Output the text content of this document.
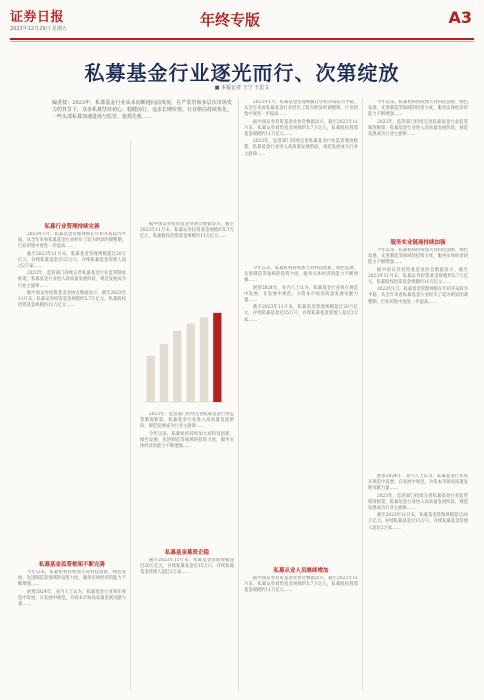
证券日报
2023年12月29日 星期五	年终专版	A3
私募基金行业逐光而行、次第绽放
■ 本报记者 王宁 王思文
编者按：2023年，私募基金行业从未间断地向前发展。在严监管和多层次市场发力的背景下，众多私募坚持初心、稳健前行、追求长期价值，行业格局持续优化。一些头部私募加速进场与监管、抢抓先机……
私募行业管理持续完善

2023年1月，私募基金管理规模在年初开局较为平稳，从全年来看私募基金行业经历了较为明显的调整期，行业的集中度进一步提高……

截至2023年11月末，私募基金管理规模超过20万亿元，存续私募基金近15万只，存续私募基金管理人超过2万家……

2023年，监管部门持续完善私募基金行业监管制度框架，私募基金行业进入高质量发展阶段，规范发展成为行业主旋律……

据中国证券投资基金业协会数据显示，截至2023年11月末，私募证券投资基金规模约5.7万亿元，私募股权投资基金规模约11万亿元……

私募基金监管框架不断完善

今年以来，私募机构持续加大对科技创新、绿色发展、先进制造等领域的投资力度，服务实体经济的能力不断增强……

展望2024年，业内人士认为，私募基金行业将在规范中发展，在发展中规范，为资本市场高质量发展贡献力量……

据中国证券投资基金业协会数据显示，截至2023年11月末，私募证券投资基金规模约5.7万亿元，私募股权投资基金规模约11万亿元……

2023年，监管部门持续完善私募基金行业监管制度框架，私募基金行业进入高质量发展阶段，规范发展成为行业主旋律……

今年以来，私募机构持续加大对科技创新、绿色发展、先进制造等领域的投资力度，服务实体经济的能力不断增强……

私募基金募资企稳

截至2023年11月末，私募基金管理规模超过20万亿元，存续私募基金近15万只，存续私募基金管理人超过2万家……

2023年1月，私募基金管理规模在年初开局较为平稳，从全年来看私募基金行业经历了较为明显的调整期，行业的集中度进一步提高……

据中国证券投资基金业协会数据显示，截至2023年11月末，私募证券投资基金规模约5.7万亿元，私募股权投资基金规模约11万亿元……

2023年，监管部门持续完善私募基金行业监管制度框架，私募基金行业进入高质量发展阶段，规范发展成为行业主旋律……

私募从业人员继续增加

今年以来，私募机构持续加大对科技创新、绿色发展、先进制造等领域的投资力度，服务实体经济的能力不断增强……

展望2024年，业内人士认为，私募基金行业将在规范中发展，在发展中规范，为资本市场高质量发展贡献力量……

截至2023年11月末，私募基金管理规模超过20万亿元，存续私募基金近15万只，存续私募基金管理人超过2万家……

据中国证券投资基金业协会数据显示，截至2023年11月末，私募证券投资基金规模约5.7万亿元，私募股权投资基金规模约11万亿元……

今年以来，私募机构持续加大对科技创新、绿色发展、先进制造等领域的投资力度，服务实体经济的能力不断增强……

2023年，监管部门持续完善私募基金行业监管制度框架，私募基金行业进入高质量发展阶段，规范发展成为行业主旋律……

服务实业链展持续加强

今年以来，私募机构持续加大对科技创新、绿色发展、先进制造等领域的投资力度，服务实体经济的能力不断增强……

据中国证券投资基金业协会数据显示，截至2023年11月末，私募证券投资基金规模约5.7万亿元，私募股权投资基金规模约11万亿元……

2023年1月，私募基金管理规模在年初开局较为平稳，从全年来看私募基金行业经历了较为明显的调整期，行业的集中度进一步提高……

展望2024年，业内人士认为，私募基金行业将在规范中发展，在发展中规范，为资本市场高质量发展贡献力量……

2023年，监管部门持续完善私募基金行业监管制度框架，私募基金行业进入高质量发展阶段，规范发展成为行业主旋律……

截至2023年11月末，私募基金管理规模超过20万亿元，存续私募基金近15万只，存续私募基金管理人超过2万家……
